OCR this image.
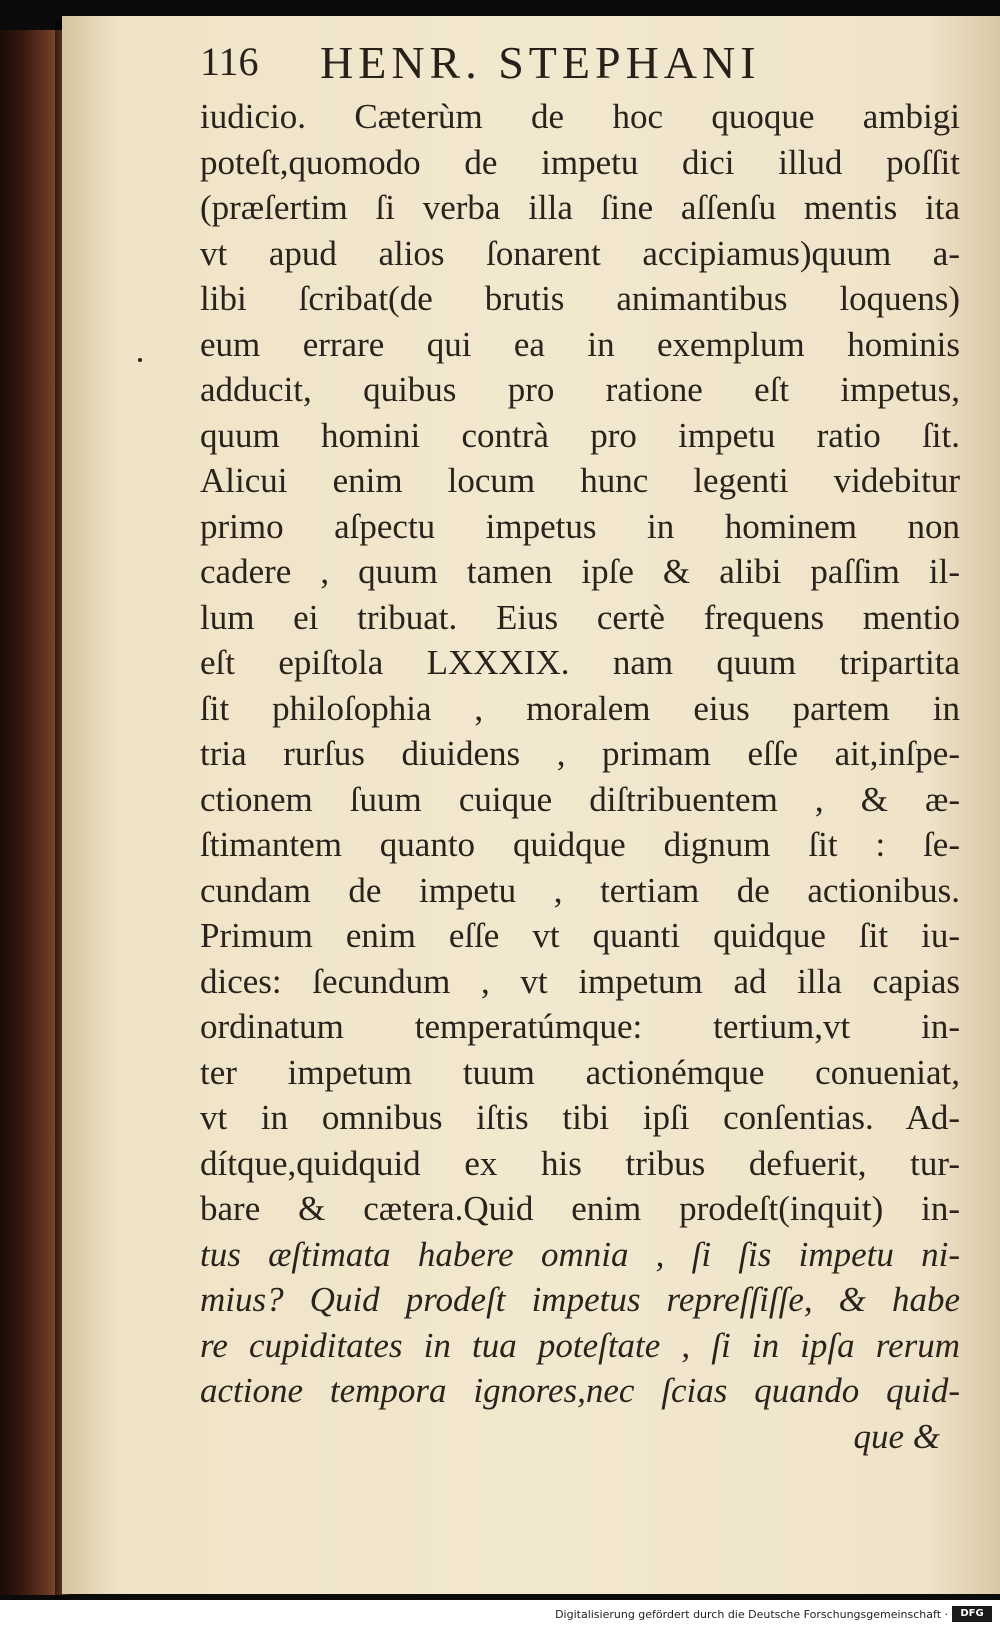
116 HENR. STEPHANI
iudicio. Cæterùm de hoc quoque ambigi
poteſt,quomodo de impetu dici illud poſſit
(præſertim ſi verba illa ſine aſſenſu mentis ita
vt apud alios ſonarent accipiamus)quum a-
libi ſcribat(de brutis animantibus loquens)
eum errare qui ea in exemplum hominis
adducit, quibus pro ratione eſt impetus,
quum homini contrà pro impetu ratio ſit.
Alicui enim locum hunc legenti videbitur
primo aſpectu impetus in hominem non
cadere , quum tamen ipſe & alibi paſſim il-
lum ei tribuat. Eius certè frequens mentio
eſt epiſtola LXXXIX. nam quum tripartita
ſit philoſophia , moralem eius partem in
tria rurſus diuidens , primam eſſe ait,inſpe-
ctionem ſuum cuique diſtribuentem , & æ-
ſtimantem quanto quidque dignum ſit : ſe-
cundam de impetu , tertiam de actionibus.
Primum enim eſſe vt quanti quidque ſit iu-
dices: ſecundum , vt impetum ad illa capias
ordinatum temperatúmque: tertium,vt in-
ter impetum tuum actionémque conueniat,
vt in omnibus iſtis tibi ipſi conſentias. Ad-
dítque,quidquid ex his tribus defuerit, tur-
bare & cætera.Quid enim prodeſt(inquit) in-
tus æſtimata habere omnia , ſi ſis impetu ni-
mius? Quid prodeſt impetus repreſſiſſe, & habe
re cupiditates in tua poteſtate , ſi in ipſa rerum
actione tempora ignores,nec ſcias quando quid-
que &
Digitalisierung gefördert durch die Deutsche Forschungsgemeinschaft ·	DFG
